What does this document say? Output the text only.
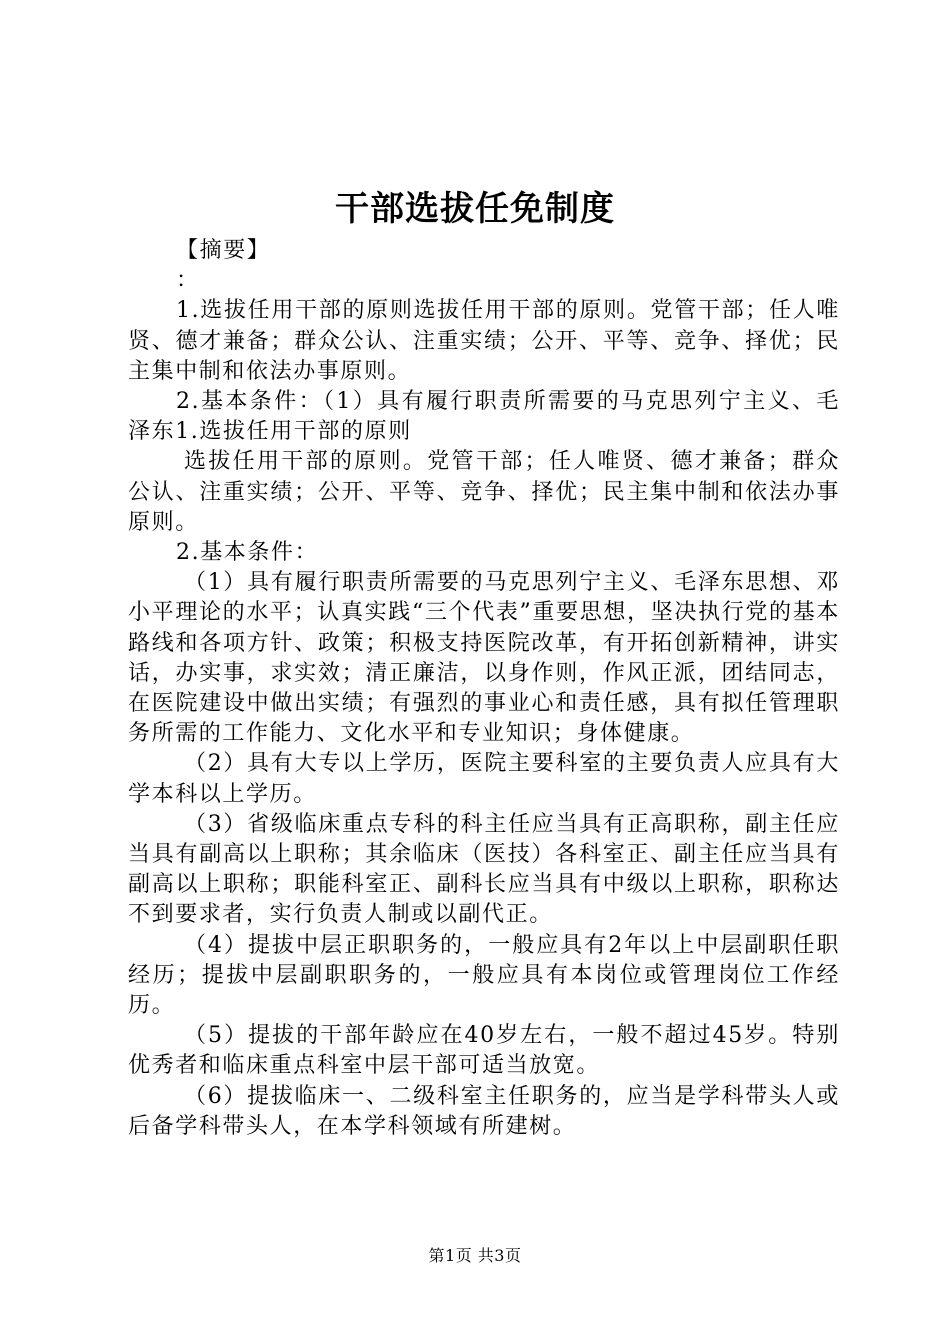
干部选拔任免制度

【摘要】

：

1.选拔任用干部的原则选拔任用干部的原则。党管干部；任人唯贤、德才兼备；群众公认、注重实绩；公开、平等、竞争、择优；民主集中制和依法办事原则。

2.基本条件：（1）具有履行职责所需要的马克思列宁主义、毛泽东1.选拔任用干部的原则

选拔任用干部的原则。党管干部；任人唯贤、德才兼备；群众公认、注重实绩；公开、平等、竞争、择优；民主集中制和依法办事原则。

2.基本条件：

（1）具有履行职责所需要的马克思列宁主义、毛泽东思想、邓小平理论的水平；认真实践“三个代表”重要思想，坚决执行党的基本路线和各项方针、政策；积极支持医院改革，有开拓创新精神，讲实话，办实事，求实效；清正廉洁，以身作则，作风正派，团结同志，在医院建设中做出实绩；有强烈的事业心和责任感，具有拟任管理职务所需的工作能力、文化水平和专业知识；身体健康。

（2）具有大专以上学历，医院主要科室的主要负责人应具有大学本科以上学历。

（3）省级临床重点专科的科主任应当具有正高职称，副主任应当具有副高以上职称；其余临床（医技）各科室正、副主任应当具有副高以上职称；职能科室正、副科长应当具有中级以上职称，职称达不到要求者，实行负责人制或以副代正。

（4）提拔中层正职职务的，一般应具有2年以上中层副职任职经历；提拔中层副职职务的，一般应具有本岗位或管理岗位工作经历。

（5）提拔的干部年龄应在40岁左右，一般不超过45岁。特别优秀者和临床重点科室中层干部可适当放宽。

（6）提拔临床一、二级科室主任职务的，应当是学科带头人或后备学科带头人，在本学科领域有所建树。

第1页 共3页
